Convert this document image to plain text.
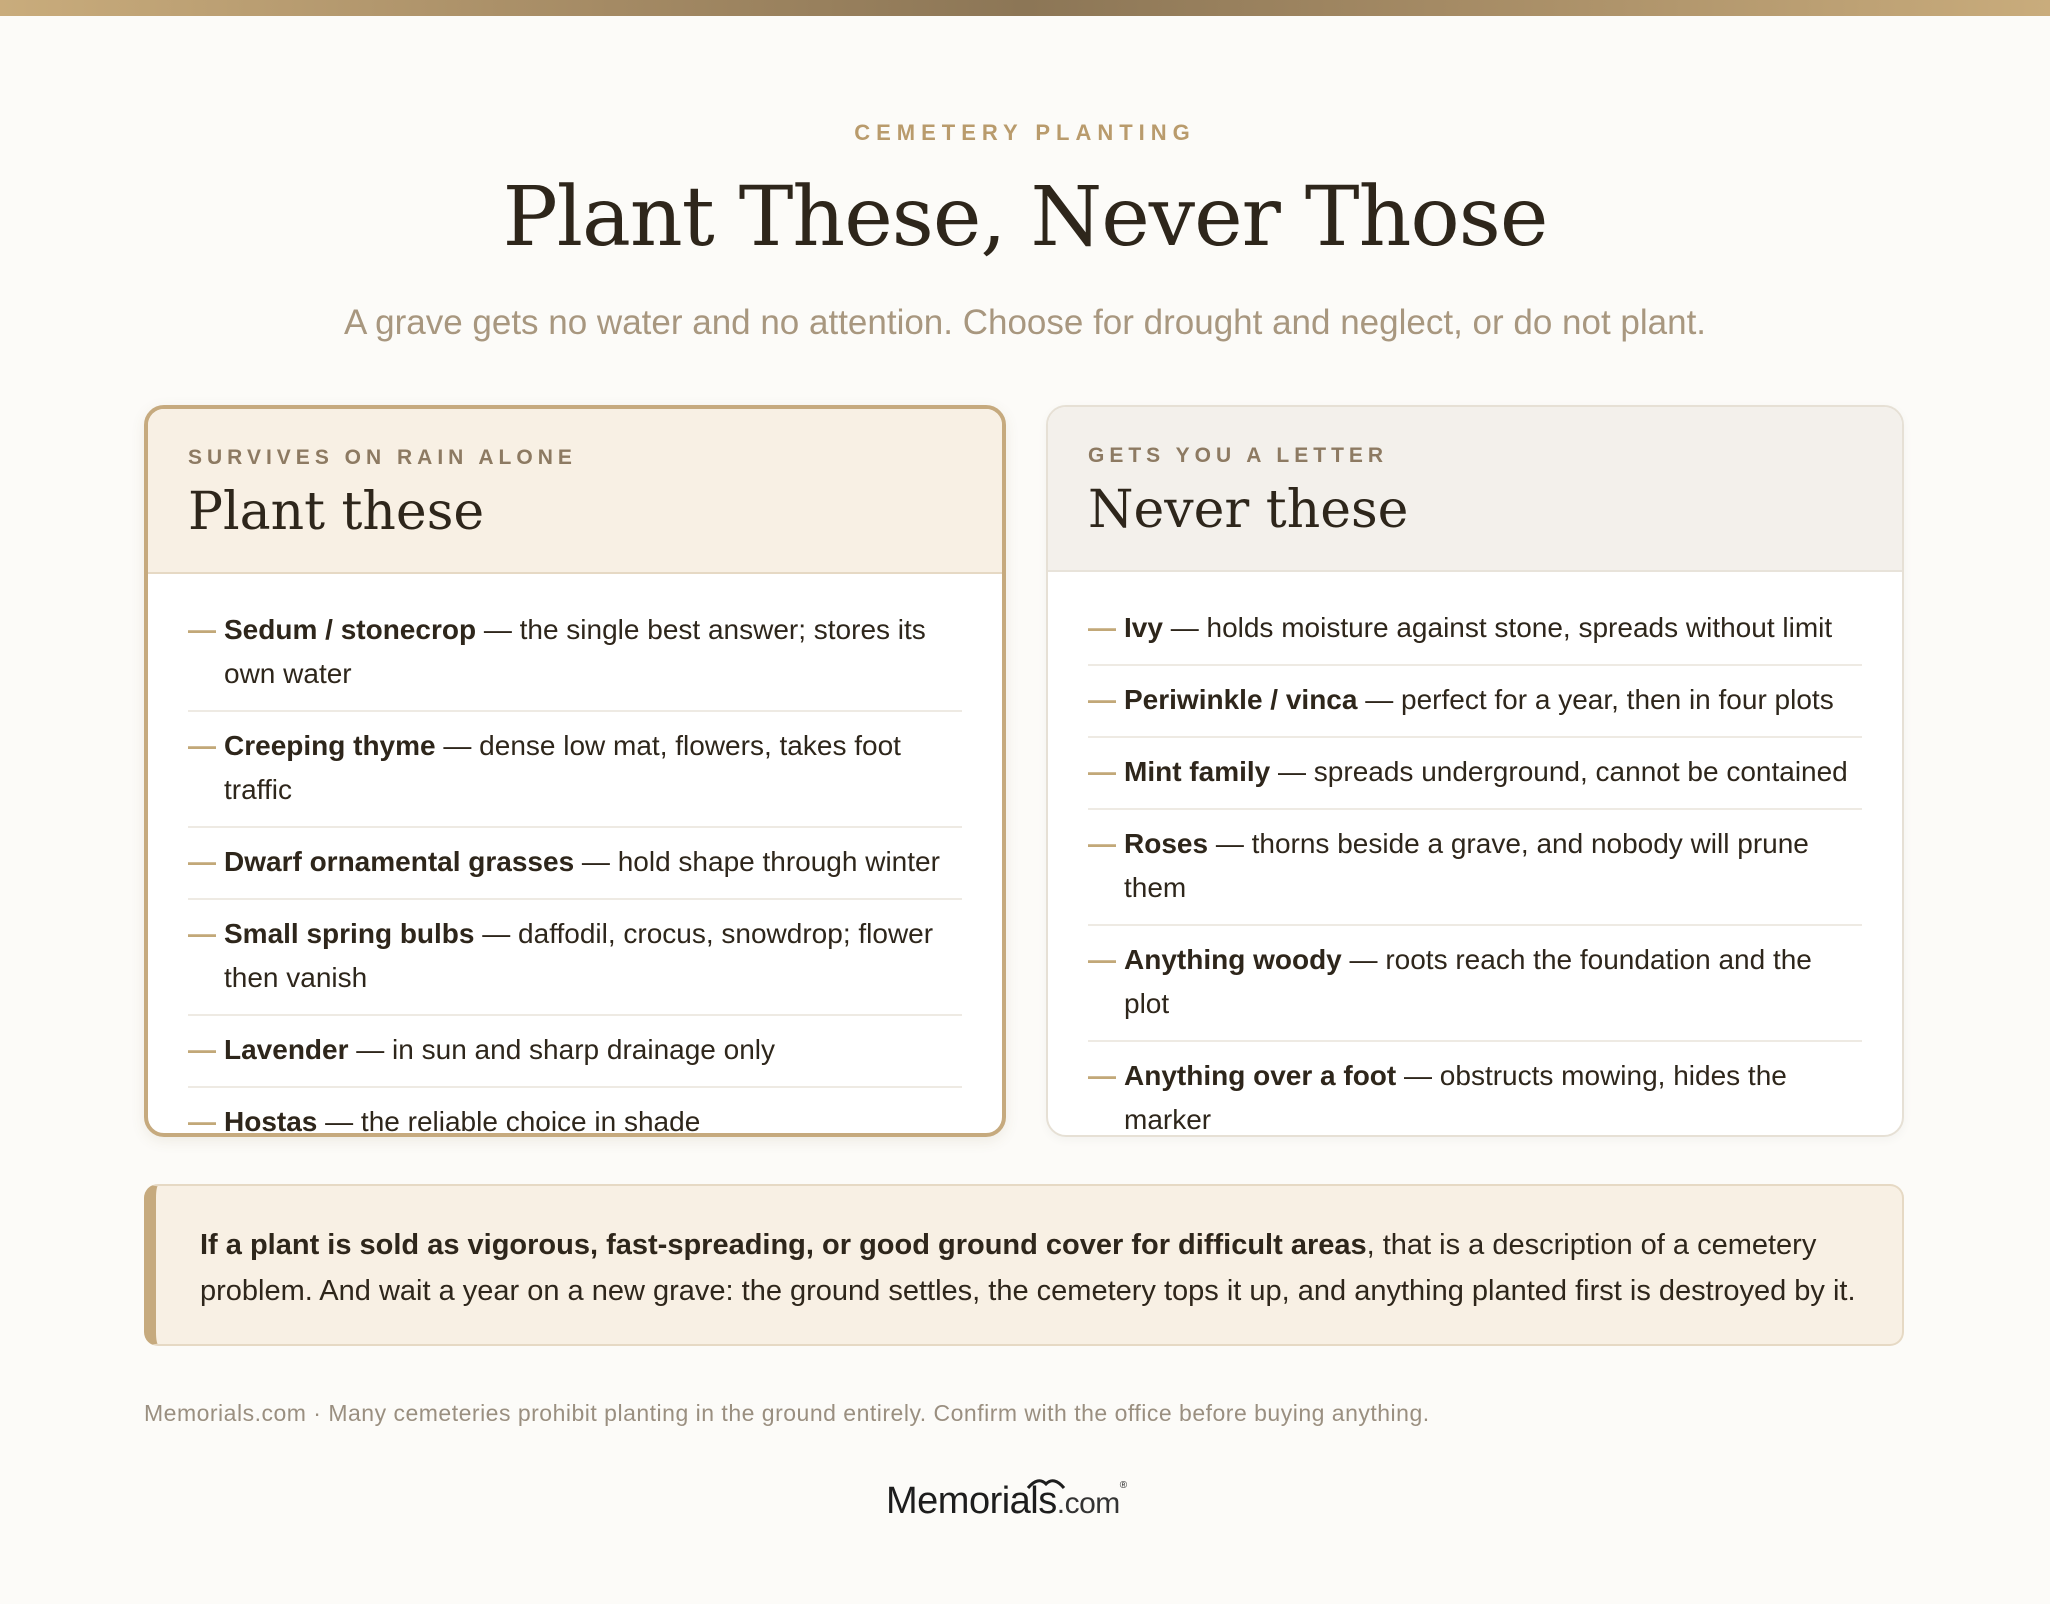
CEMETERY PLANTING
Plant These, Never Those
A grave gets no water and no attention. Choose for drought and neglect, or do not plant.
SURVIVES ON RAIN ALONE
Plant these
— Sedum / stonecrop — the single best answer; stores its own water
— Creeping thyme — dense low mat, flowers, takes foot traffic
— Dwarf ornamental grasses — hold shape through winter
— Small spring bulbs — daffodil, crocus, snowdrop; flower then vanish
— Lavender — in sun and sharp drainage only
— Hostas — the reliable choice in shade
GETS YOU A LETTER
Never these
— Ivy — holds moisture against stone, spreads without limit
— Periwinkle / vinca — perfect for a year, then in four plots
— Mint family — spreads underground, cannot be contained
— Roses — thorns beside a grave, and nobody will prune them
— Anything woody — roots reach the foundation and the plot
— Anything over a foot — obstructs mowing, hides the marker
If a plant is sold as vigorous, fast-spreading, or good ground cover for difficult areas, that is a description of a cemetery problem. And wait a year on a new grave: the ground settles, the cemetery tops it up, and anything planted first is destroyed by it.
Memorials.com · Many cemeteries prohibit planting in the ground entirely. Confirm with the office before buying anything.
Memorials.com®
